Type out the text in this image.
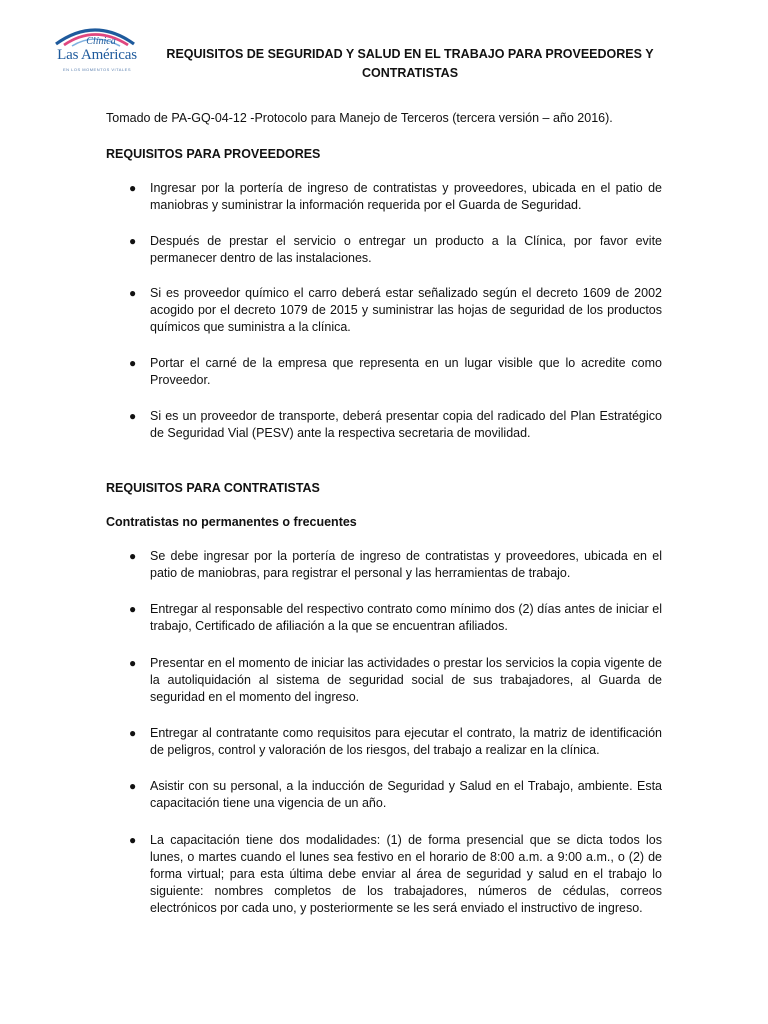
Clínica
Las Américas
EN LOS MOMENTOS VITALES
REQUISITOS DE SEGURIDAD Y SALUD EN EL TRABAJO PARA PROVEEDORES Y CONTRATISTAS

Tomado de PA-GQ-04-12 -Protocolo para Manejo de Terceros (tercera versión – año 2016).

REQUISITOS PARA PROVEEDORES

● Ingresar por la portería de ingreso de contratistas y proveedores, ubicada en el patio de maniobras y suministrar la información requerida por el Guarda de Seguridad.
● Después de prestar el servicio o entregar un producto a la Clínica, por favor evite permanecer dentro de las instalaciones.
● Si es proveedor químico el carro deberá estar señalizado según el decreto 1609 de 2002 acogido por el decreto 1079 de 2015 y suministrar las hojas de seguridad de los productos químicos que suministra a la clínica.
● Portar el carné de la empresa que representa en un lugar visible que lo acredite como Proveedor.
● Si es un proveedor de transporte, deberá presentar copia del radicado del Plan Estratégico de Seguridad Vial (PESV) ante la respectiva secretaria de movilidad.

REQUISITOS PARA CONTRATISTAS

Contratistas no permanentes o frecuentes

● Se debe ingresar por la portería de ingreso de contratistas y proveedores, ubicada en el patio de maniobras, para registrar el personal y las herramientas de trabajo.
● Entregar al responsable del respectivo contrato como mínimo dos (2) días antes de iniciar el trabajo, Certificado de afiliación a la que se encuentran afiliados.
● Presentar en el momento de iniciar las actividades o prestar los servicios la copia vigente de la autoliquidación al sistema de seguridad social de sus trabajadores, al Guarda de seguridad en el momento del ingreso.
● Entregar al contratante como requisitos para ejecutar el contrato, la matriz de identificación de peligros, control y valoración de los riesgos, del trabajo a realizar en la clínica.
● Asistir con su personal, a la inducción de Seguridad y Salud en el Trabajo, ambiente. Esta capacitación tiene una vigencia de un año.
● La capacitación tiene dos modalidades: (1) de forma presencial que se dicta todos los lunes, o martes cuando el lunes sea festivo en el horario de 8:00 a.m. a 9:00 a.m., o (2) de forma virtual; para esta última debe enviar al área de seguridad y salud en el trabajo lo siguiente: nombres completos de los trabajadores, números de cédulas, correos electrónicos por cada uno, y posteriormente se les será enviado el instructivo de ingreso.
